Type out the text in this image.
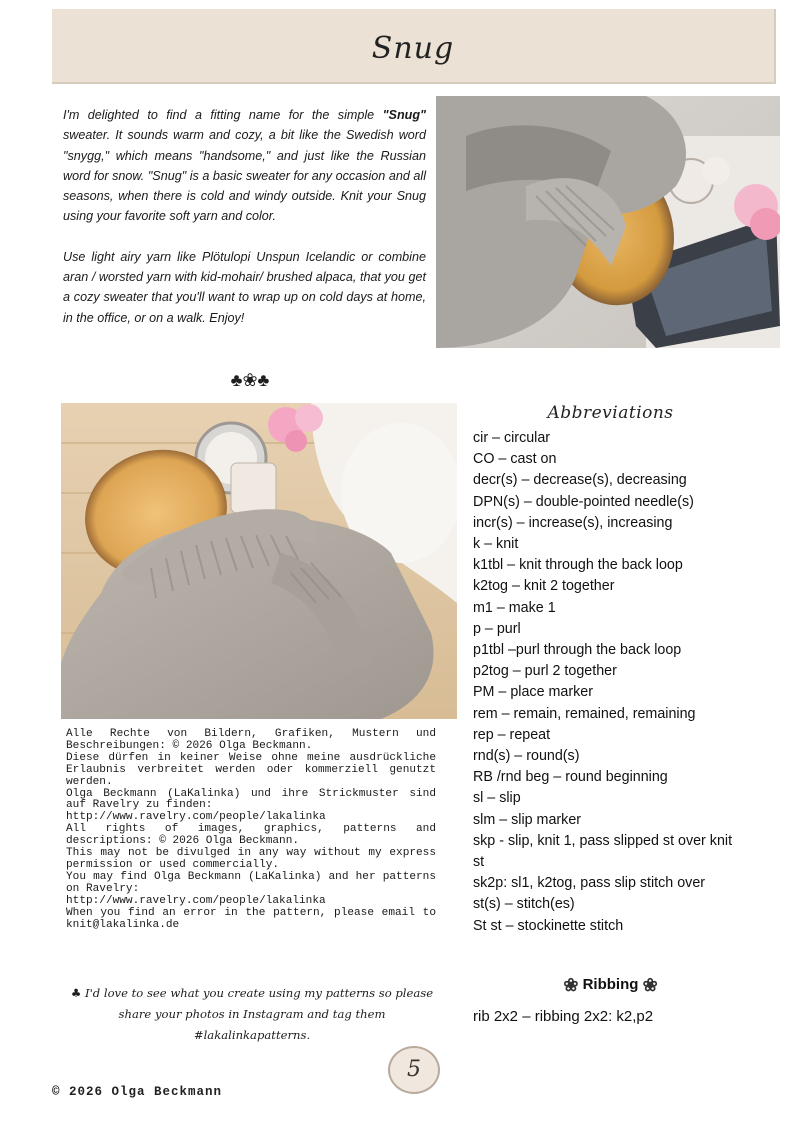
Snug

I'm delighted to find a fitting name for the simple "Snug" sweater. It sounds warm and cozy, a bit like the Swedish word "snygg," which means "handsome," and just like the Russian word for snow. "Snug" is a basic sweater for any occasion and all seasons, when there is cold and windy outside. Knit your Snug using your favorite soft yarn and color.

Use light airy yarn like Plötulopi Unspun Icelandic or combine aran / worsted yarn with kid-mohair/ brushed alpaca, that you get a cozy sweater that you'll want to wrap up on cold days at home, in the office, or on a walk. Enjoy!

♣❀♣
Abbreviations
cir – circular
CO – cast on
decr(s) – decrease(s), decreasing
DPN(s) – double-pointed needle(s)
incr(s) – increase(s), increasing
k – knit
k1tbl – knit through the back loop
k2tog – knit 2 together
m1 – make 1
p – purl
p1tbl –purl through the back loop
p2tog – purl 2 together
PM – place marker
rem – remain, remained, remaining
rep – repeat
rnd(s) – round(s)
RB /rnd beg – round beginning
sl – slip
slm – slip marker
skp - slip, knit 1, pass slipped st over knit st
sk2p: sl1, k2tog, pass slip stitch over
st(s) – stitch(es)
St st – stockinette stitch
Alle Rechte von Bildern, Grafiken, Mustern und Beschreibungen: © 2026 Olga Beckmann.
Diese dürfen in keiner Weise ohne meine ausdrückliche Erlaubnis verbreitet werden oder kommerziell genutzt werden.
Olga Beckmann (LaKalinka) und ihre Strickmuster sind auf Ravelry zu finden:
http://www.ravelry.com/people/lakalinka
All rights of images, graphics, patterns and descriptions: © 2026 Olga Beckmann.
This may not be divulged in any way without my express permission or used commercially.
You may find Olga Beckmann (LaKalinka) and her patterns on Ravelry:
http://www.ravelry.com/people/lakalinka
When you find an error in the pattern, please email to knit@lakalinka.de
♣ I'd love to see what you create using my patterns so please share your photos in Instagram and tag them #lakalinkapatterns.
❀ Ribbing ❀
rib 2x2 – ribbing 2x2: k2,p2
5
© 2026 Olga Beckmann
